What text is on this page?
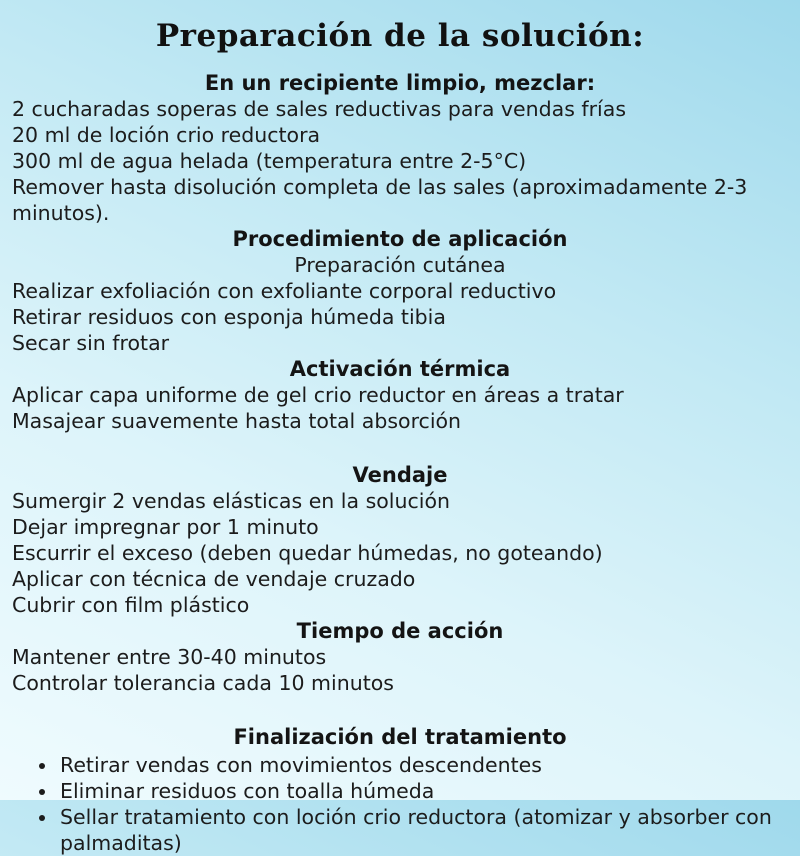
Preparación de la solución:
En un recipiente limpio, mezclar:

2 cucharadas soperas de sales reductivas para vendas frías

20 ml de loción crio reductora

300 ml de agua helada (temperatura entre 2-5°C)

Remover hasta disolución completa de las sales (aproximadamente 2-3 minutos).

Procedimiento de aplicación

Preparación cutánea

Realizar exfoliación con exfoliante corporal reductivo

Retirar residuos con esponja húmeda tibia

Secar sin frotar

Activación térmica

Aplicar capa uniforme de gel crio reductor en áreas a tratar

Masajear suavemente hasta total absorción

Vendaje

Sumergir 2 vendas elásticas en la solución

Dejar impregnar por 1 minuto

Escurrir el exceso (deben quedar húmedas, no goteando)

Aplicar con técnica de vendaje cruzado

Cubrir con film plástico

Tiempo de acción

Mantener entre 30-40 minutos

Controlar tolerancia cada 10 minutos

Finalización del tratamiento
• Retirar vendas con movimientos descendentes
• Eliminar residuos con toalla húmeda
• Sellar tratamiento con loción crio reductora (atomizar y absorber con palmaditas)
